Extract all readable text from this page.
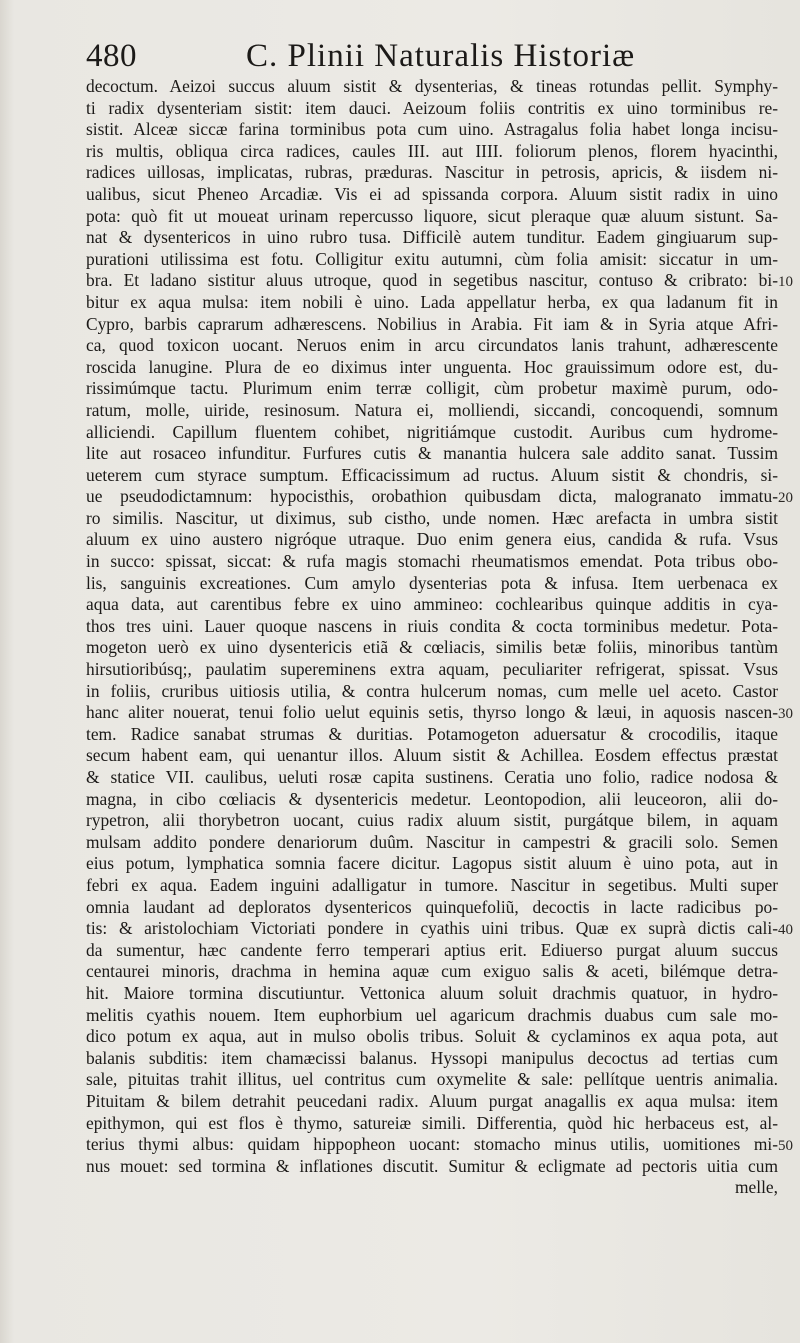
480	C. Plinii Naturalis Historiæ
decoctum. Aeizoi succus aluum sistit & dysenterias, & tineas rotundas pellit. Symphy-
ti radix dysenteriam sistit: item dauci. Aeizoum foliis contritis ex uino torminibus re-
sistit. Alceæ siccæ farina torminibus pota cum uino. Astragalus folia habet longa incisu-
ris multis, obliqua circa radices, caules III. aut IIII. foliorum plenos, florem hyacinthi,
radices uillosas, implicatas, rubras, præduras. Nascitur in petrosis, apricis, & iisdem ni-
ualibus, sicut Pheneo Arcadiæ. Vis ei ad spissanda corpora. Aluum sistit radix in uino
pota: quò fit ut moueat urinam repercusso liquore, sicut pleraque quæ aluum sistunt. Sa-
nat & dysentericos in uino rubro tusa. Difficilè autem tunditur. Eadem gingiuarum sup-
purationi utilissima est fotu. Colligitur exitu autumni, cùm folia amisit: siccatur in um-
bra. Et ladano sistitur aluus utroque, quod in segetibus nascitur, contuso & cribrato: bi-
bitur ex aqua mulsa: item nobili è uino. Lada appellatur herba, ex qua ladanum fit in
Cypro, barbis caprarum adhærescens. Nobilius in Arabia. Fit iam & in Syria atque Afri-
ca, quod toxicon uocant. Neruos enim in arcu circundatos lanis trahunt, adhærescente
roscida lanugine. Plura de eo diximus inter unguenta. Hoc grauissimum odore est, du-
rissimúmque tactu. Plurimum enim terræ colligit, cùm probetur maximè purum, odo-
ratum, molle, uiride, resinosum. Natura ei, molliendi, siccandi, concoquendi, somnum
alliciendi. Capillum fluentem cohibet, nigritiámque custodit. Auribus cum hydrome-
lite aut rosaceo infunditur. Furfures cutis & manantia hulcera sale addito sanat. Tussim
ueterem cum styrace sumptum. Efficacissimum ad ructus. Aluum sistit & chondris, si-
ue pseudodictamnum: hypocisthis, orobathion quibusdam dicta, malogranato immatu-
ro similis. Nascitur, ut diximus, sub cistho, unde nomen. Hæc arefacta in umbra sistit
aluum ex uino austero nigróque utraque. Duo enim genera eius, candida & rufa. Vsus
in succo: spissat, siccat: & rufa magis stomachi rheumatismos emendat. Pota tribus obo-
lis, sanguinis excreationes. Cum amylo dysenterias pota & infusa. Item uerbenaca ex
aqua data, aut carentibus febre ex uino ammineo: cochlearibus quinque additis in cya-
thos tres uini. Lauer quoque nascens in riuis condita & cocta torminibus medetur. Pota-
mogeton uerò ex uino dysentericis etiã & cœliacis, similis betæ foliis, minoribus tantùm
hirsutioribúsq;, paulatim supereminens extra aquam, peculiariter refrigerat, spissat. Vsus
in foliis, cruribus uitiosis utilia, & contra hulcerum nomas, cum melle uel aceto. Castor
hanc aliter nouerat, tenui folio uelut equinis setis, thyrso longo & læui, in aquosis nascen-
tem. Radice sanabat strumas & duritias. Potamogeton aduersatur & crocodilis, itaque
secum habent eam, qui uenantur illos. Aluum sistit & Achillea. Eosdem effectus præstat
& statice VII. caulibus, ueluti rosæ capita sustinens. Ceratia uno folio, radice nodosa &
magna, in cibo cœliacis & dysentericis medetur. Leontopodion, alii leuceoron, alii do-
rypetron, alii thorybetron uocant, cuius radix aluum sistit, purgátque bilem, in aquam
mulsam addito pondere denariorum duûm. Nascitur in campestri & gracili solo. Semen
eius potum, lymphatica somnia facere dicitur. Lagopus sistit aluum è uino pota, aut in
febri ex aqua. Eadem inguini adalligatur in tumore. Nascitur in segetibus. Multi super
omnia laudant ad deploratos dysentericos quinquefoliũ, decoctis in lacte radicibus po-
tis: & aristolochiam Victoriati pondere in cyathis uini tribus. Quæ ex suprà dictis cali-
da sumentur, hæc candente ferro temperari aptius erit. Ediuerso purgat aluum succus
centaurei minoris, drachma in hemina aquæ cum exiguo salis & aceti, bilémque detra-
hit. Maiore tormina discutiuntur. Vettonica aluum soluit drachmis quatuor, in hydro-
melitis cyathis nouem. Item euphorbium uel agaricum drachmis duabus cum sale mo-
dico potum ex aqua, aut in mulso obolis tribus. Soluit & cyclaminos ex aqua pota, aut
balanis subditis: item chamæcissi balanus. Hyssopi manipulus decoctus ad tertias cum
sale, pituitas trahit illitus, uel contritus cum oxymelite & sale: pellítque uentris animalia.
Pituitam & bilem detrahit peucedani radix. Aluum purgat anagallis ex aqua mulsa: item
epithymon, qui est flos è thymo, satureiæ simili. Differentia, quòd hic herbaceus est, al-
terius thymi albus: quidam hippopheon uocant: stomacho minus utilis, uomitiones mi-
nus mouet: sed tormina & inflationes discutit. Sumitur & ecligmate ad pectoris uitia cum
melle,
10
20
30
40
50
